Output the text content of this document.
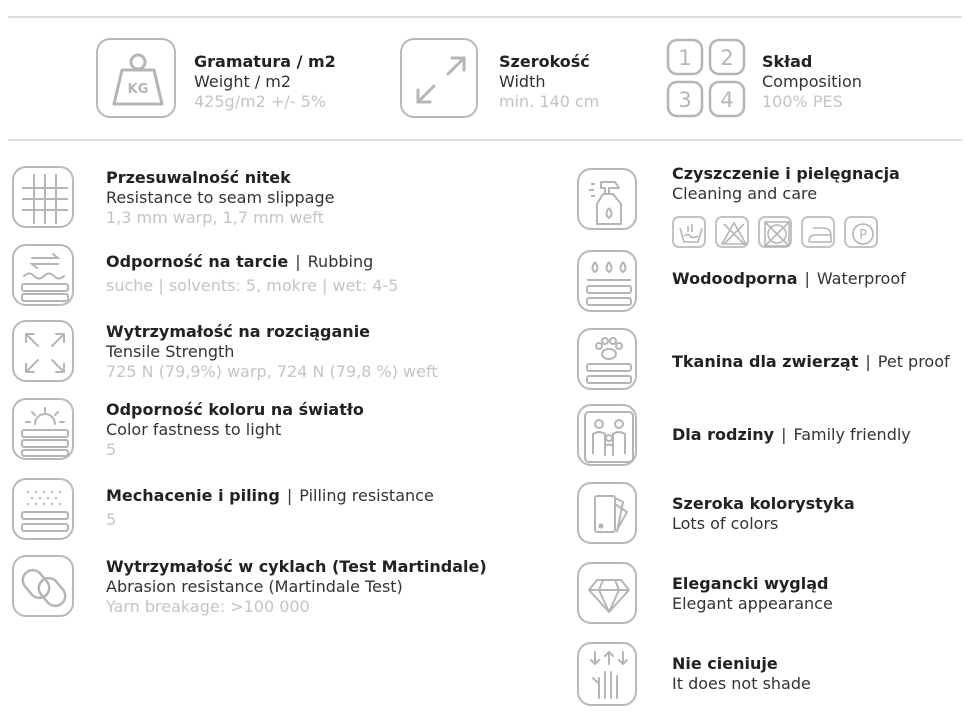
KG
Gramatura / m2
Weight / m2
425g/m2 +/- 5%
Szerokość
Width
min. 140 cm
1 2
3 4
Skład
Composition
100% PES
Przesuwalność nitek
Resistance to seam slippage
1,3 mm warp, 1,7 mm weft
Odporność na tarcie | Rubbing
suche | solvents: 5, mokre | wet: 4-5
Wytrzymałość na rozciąganie
Tensile Strength
725 N (79,9%) warp, 724 N (79,8 %) weft
Odporność koloru na światło
Color fastness to light
5
Mechacenie i piling | Pilling resistance
5
Wytrzymałość w cyklach (Test Martindale)
Abrasion resistance (Martindale Test)
Yarn breakage: >100 000
Czyszczenie i pielęgnacja
Cleaning and care
P
Wodoodporna | Waterproof
Tkanina dla zwierząt | Pet proof
Dla rodziny | Family friendly
Szeroka kolorystyka
Lots of colors
Elegancki wygląd
Elegant appearance
Nie cieniuje
It does not shade
